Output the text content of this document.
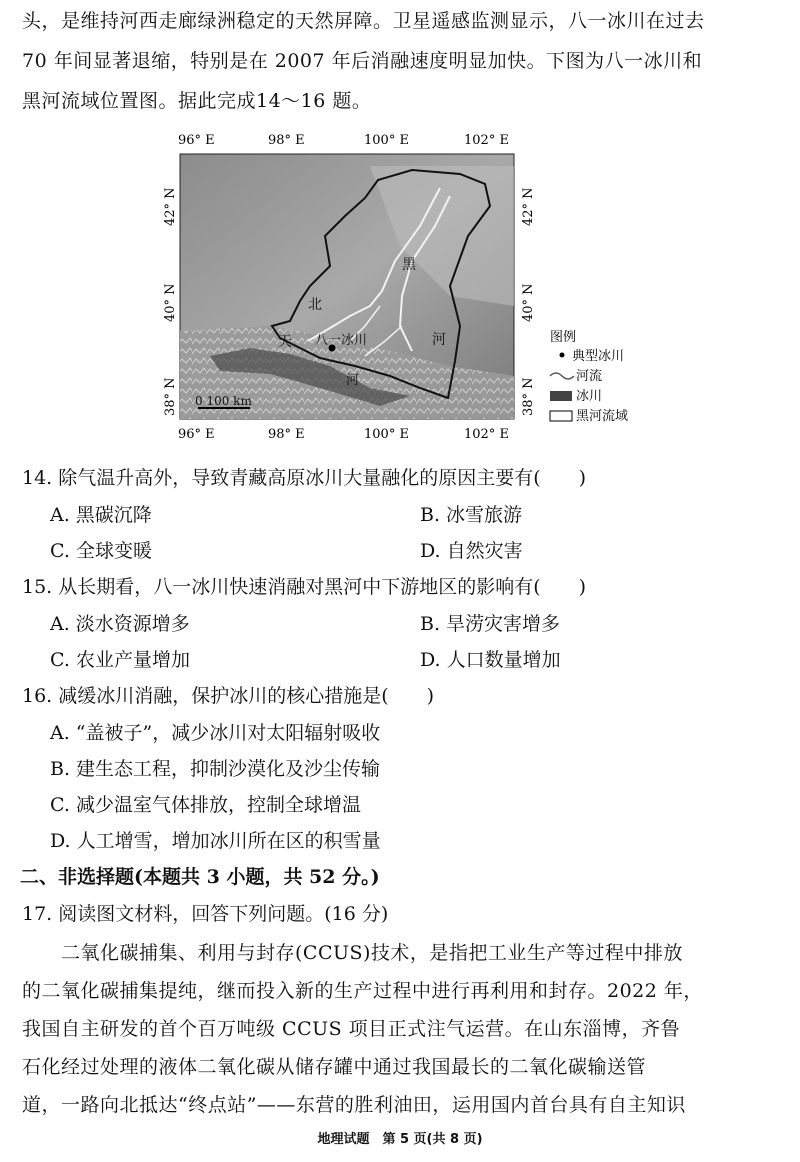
头，是维持河西走廊绿洲稳定的天然屏障。卫星遥感监测显示，八一冰川在过去
70 年间显著退缩，特别是在 2007 年后消融速度明显加快。下图为八一冰川和
黑河流域位置图。据此完成14～16 题。
黑
北
河
天 八一冰川
河
0 100 km
96° E	98° E	100° E	102° E
96° E	98° E	100° E	102° E
42° N
40° N
38° N
42° N
40° N
38° N
图例
典型冰川
河流
冰川
黑河流域
14. 除气温升高外，导致青藏高原冰川大量融化的原因主要有(　　)
A. 黑碳沉降	B. 冰雪旅游
C. 全球变暖	D. 自然灾害
15. 从长期看，八一冰川快速消融对黑河中下游地区的影响有(　　)
A. 淡水资源增多	B. 旱涝灾害增多
C. 农业产量增加	D. 人口数量增加
16. 减缓冰川消融，保护冰川的核心措施是(　　)
A. “盖被子”，减少冰川对太阳辐射吸收
B. 建生态工程，抑制沙漠化及沙尘传输
C. 减少温室气体排放，控制全球增温
D. 人工增雪，增加冰川所在区的积雪量
二、非选择题(本题共 3 小题，共 52 分。)
17. 阅读图文材料，回答下列问题。(16 分)
　　二氧化碳捕集、利用与封存(CCUS)技术，是指把工业生产等过程中排放
的二氧化碳捕集提纯，继而投入新的生产过程中进行再利用和封存。2022 年，
我国自主研发的首个百万吨级 CCUS 项目正式注气运营。在山东淄博，齐鲁
石化经过处理的液体二氧化碳从储存罐中通过我国最长的二氧化碳输送管
道，一路向北抵达“终点站”——东营的胜利油田，运用国内首台具有自主知识
地理试题　第 5 页(共 8 页)
